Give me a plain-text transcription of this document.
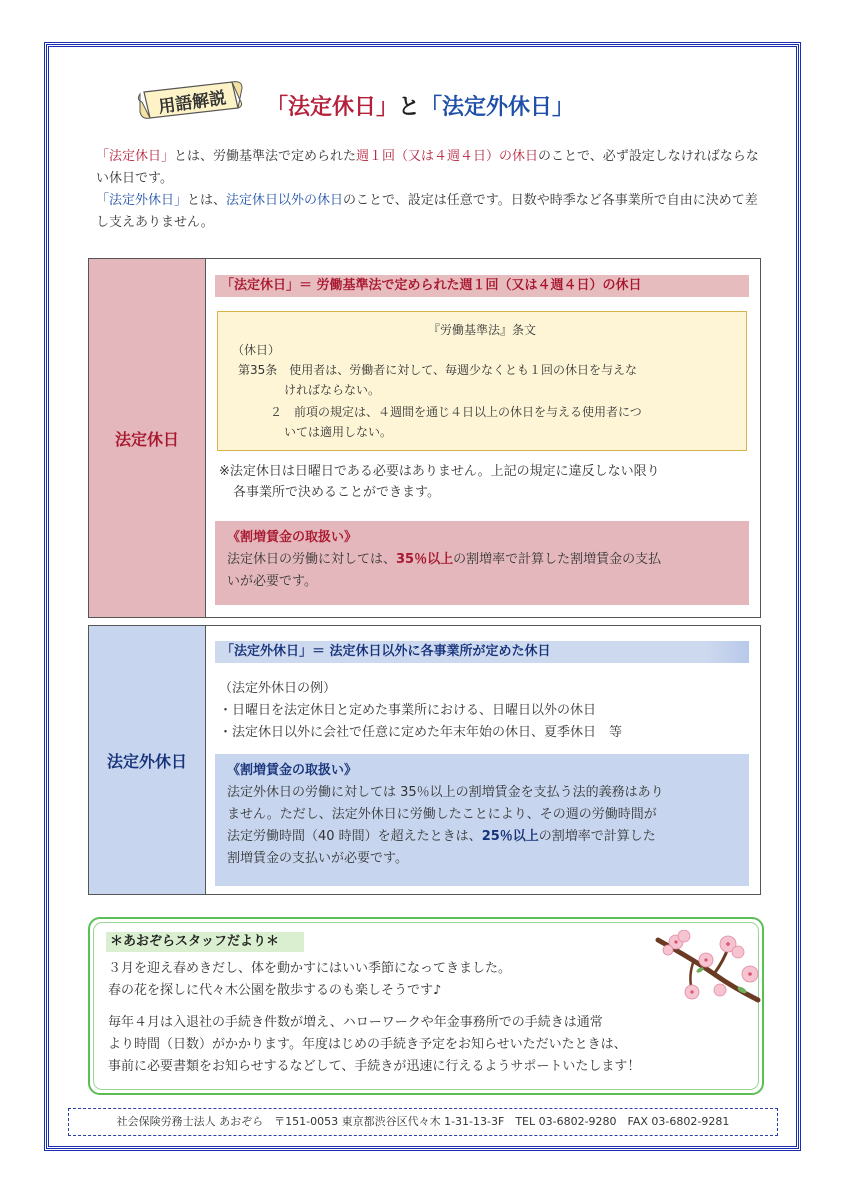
用語解説	「法定休日」と「法定外休日」

「法定休日」とは、労働基準法で定められた週１回（又は４週４日）の休日のことで、必ず設定しなければならない休日です。

「法定外休日」とは、法定休日以外の休日のことで、設定は任意です。日数や時季など各事業所で自由に決めて差し支えありません。

法定休日
「法定休日」＝ 労働基準法で定められた週１回（又は４週４日）の休日
『労働基準法』条文
（休日）
第35条　使用者は、労働者に対して、毎週少なくとも１回の休日を与えな
ければならない。
２　前項の規定は、４週間を通じ４日以上の休日を与える使用者につ
いては適用しない。

※法定休日は日曜日である必要はありません。上記の規定に違反しない限り

各事業所で決めることができます。

《割増賃金の取扱い》
法定休日の労働に対しては、35％以上の割増率で計算した割増賃金の支払
いが必要です。
法定外休日
「法定外休日」＝ 法定休日以外に各事業所が定めた休日

（法定外休日の例）

・日曜日を法定休日と定めた事業所における、日曜日以外の休日

・法定休日以外に会社で任意に定めた年末年始の休日、夏季休日　等

《割増賃金の取扱い》
法定外休日の労働に対しては 35％以上の割増賃金を支払う法的義務はあり
ません。ただし、法定外休日に労働したことにより、その週の労働時間が
法定労働時間（40 時間）を超えたときは、25％以上の割増率で計算した
割増賃金の支払いが必要です。
＊あおぞらスタッフだより＊

３月を迎え春めきだし、体を動かすにはいい季節になってきました。

春の花を探しに代々木公園を散歩するのも楽しそうです♪

毎年４月は入退社の手続き件数が増え、ハローワークや年金事務所での手続きは通常

より時間（日数）がかかります。年度はじめの手続き予定をお知らせいただいたときは、

事前に必要書類をお知らせするなどして、手続きが迅速に行えるようサポートいたします！

社会保険労務士法人 あおぞら　〒151-0053 東京都渋谷区代々木 1-31-13-3F　TEL 03-6802-9280　FAX 03-6802-9281
